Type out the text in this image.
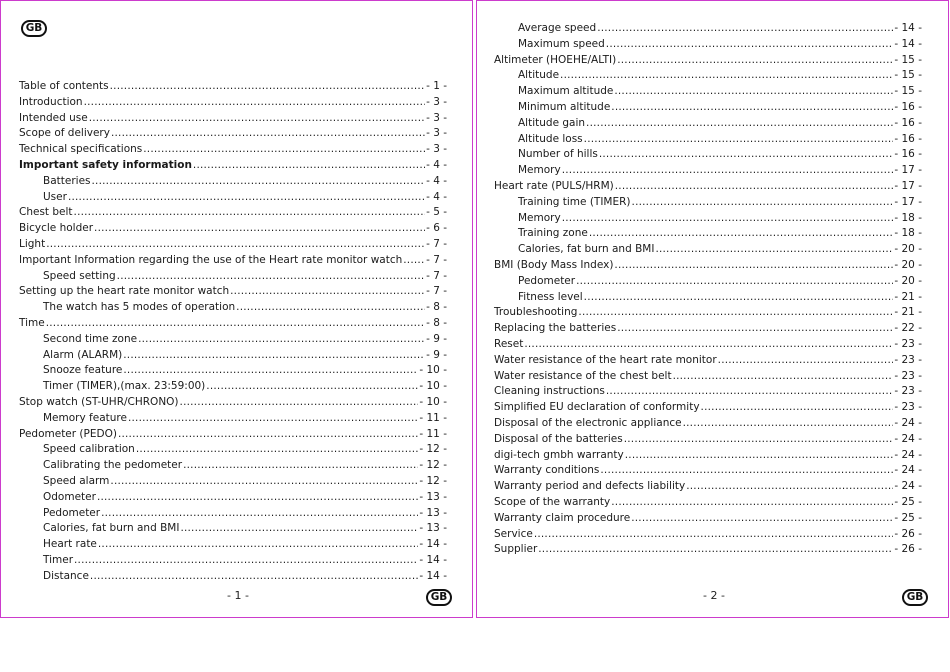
GB
Table of contents .....	- 1 -
Introduction .....	- 3 -
Intended use .....	- 3 -
Scope of delivery .....	- 3 -
Technical specifications .....	- 3 -
Important safety information .....	- 4 -
Batteries .....	- 4 -
User .....	- 4 -
Chest belt .....	- 5 -
Bicycle holder .....	- 6 -
Light .....	- 7 -
Important Information regarding the use of the Heart rate monitor watch ..... - 7 -
Speed setting .....	- 7 -
Setting up the heart rate monitor watch .....	- 7 -
The watch has 5 modes of operation .....	- 8 -
Time .....	- 8 -
Second time zone .....	- 9 -
Alarm (ALARM) .....	- 9 -
Snooze feature .....	- 10 -
Timer (TIMER),(max. 23:59:00) .....	- 10 -
Stop watch (ST-UHR/CHRONO) .....	- 10 -
Memory feature .....	- 11 -
Pedometer (PEDO) .....	- 11 -
Speed calibration .....	- 12 -
Calibrating the pedometer .....	- 12 -
Speed alarm .....	- 12 -
Odometer .....	- 13 -
Pedometer .....	- 13 -
Calories, fat burn and BMI .....	- 13 -
Heart rate .....	- 14 -
Timer .....	- 14 -
Distance .....	- 14 -
- 1 -	GB
Average speed .....	- 14 -
Maximum speed .....	- 14 -
Altimeter (HOEHE/ALTI) .....	- 15 -
Altitude .....	- 15 -
Maximum altitude .....	- 15 -
Minimum altitude .....	- 16 -
Altitude gain .....	- 16 -
Altitude loss .....	- 16 -
Number of hills .....	- 16 -
Memory .....	- 17 -
Heart rate (PULS/HRM) .....	- 17 -
Training time (TIMER) .....	- 17 -
Memory .....	- 18 -
Training zone .....	- 18 -
Calories, fat burn and BMI .....	- 20 -
BMI (Body Mass Index) .....	- 20 -
Pedometer .....	- 20 -
Fitness level .....	- 21 -
Troubleshooting .....	- 21 -
Replacing the batteries .....	- 22 -
Reset .....	- 23 -
Water resistance of the heart rate monitor .....	- 23 -
Water resistance of the chest belt .....	- 23 -
Cleaning instructions .....	- 23 -
Simplified EU declaration of conformity .....	- 23 -
Disposal of the electronic appliance .....	- 24 -
Disposal of the batteries .....	- 24 -
digi-tech gmbh warranty .....	- 24 -
Warranty conditions .....	- 24 -
Warranty period and defects liability .....	- 24 -
Scope of the warranty .....	- 25 -
Warranty claim procedure .....	- 25 -
Service .....	- 26 -
Supplier .....	- 26 -
- 2 -	GB
